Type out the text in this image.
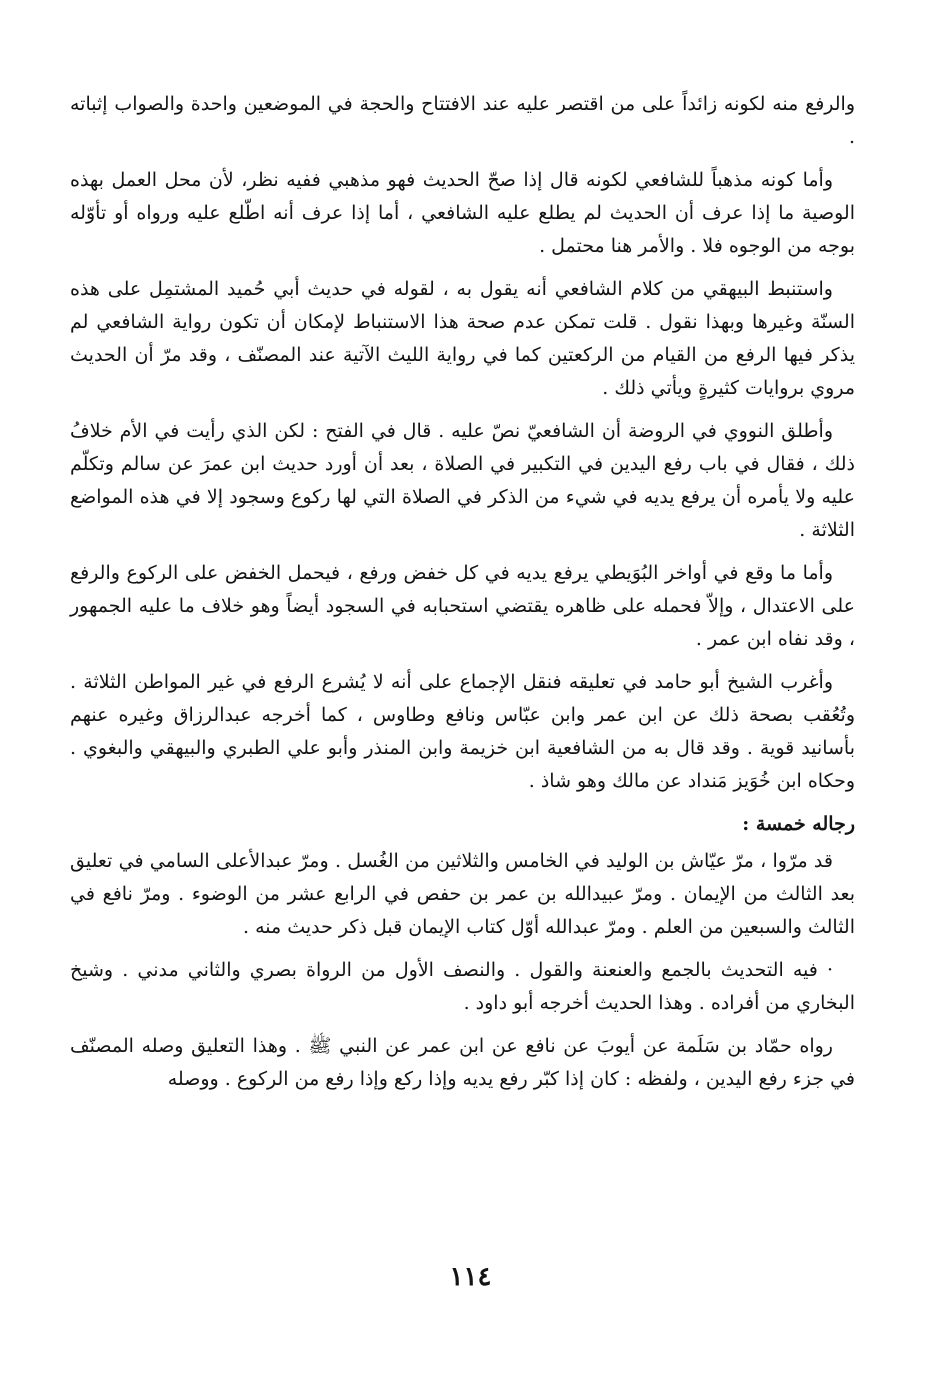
والرفع منه لكونه زائداً على من اقتصر عليه عند الافتتاح والحجة في الموضعين واحدة والصواب إثباته .

وأما كونه مذهباً للشافعي لكونه قال إذا صحّ الحديث فهو مذهبي ففيه نظر، لأن محل العمل بهذه الوصية ما إذا عرف أن الحديث لم يطلع عليه الشافعي ، أما إذا عرف أنه اطّلع عليه ورواه أو تأوّله بوجه من الوجوه فلا . والأمر هنا محتمل .

واستنبط البيهقي من كلام الشافعي أنه يقول به ، لقوله في حديث أبي حُميد المشتمِل على هذه السنّة وغيرها وبهذا نقول . قلت تمكن عدم صحة هذا الاستنباط لإمكان أن تكون رواية الشافعي لم يذكر فيها الرفع من القيام من الركعتين كما في رواية الليث الآتية عند المصنّف ، وقد مرّ أن الحديث مروي بروايات كثيرةٍ ويأتي ذلك .

وأطلق النووي في الروضة أن الشافعيّ نصّ عليه . قال في الفتح : لكن الذي رأيت في الأم خلافُ ذلك ، فقال في باب رفع اليدين في التكبير في الصلاة ، بعد أن أورد حديث ابن عمرَ عن سالم وتكلّم عليه ولا يأمره أن يرفع يديه في شيء من الذكر في الصلاة التي لها ركوع وسجود إلا في هذه المواضع الثلاثة .

وأما ما وقع في أواخر البُوَيطي يرفع يديه في كل خفض ورفع ، فيحمل الخفض على الركوع والرفع على الاعتدال ، وإلاّ فحمله على ظاهره يقتضي استحبابه في السجود أيضاً وهو خلاف ما عليه الجمهور ، وقد نفاه ابن عمر .

وأغرب الشيخ أبو حامد في تعليقه فنقل الإجماع على أنه لا يُشرع الرفع في غير المواطن الثلاثة . وتُعُقب بصحة ذلك عن ابن عمر وابن عبّاس ونافع وطاوس ، كما أخرجه عبدالرزاق وغيره عنهم بأسانيد قوية . وقد قال به من الشافعية ابن خزيمة وابن المنذر وأبو علي الطبري والبيهقي والبغوي . وحكاه ابن خُوَيز مَنداد عن مالك وهو شاذ .

رجاله خمسة :

قد مرّوا ، مرّ عيّاش بن الوليد في الخامس والثلاثين من الغُسل . ومرّ عبدالأعلى السامي في تعليق بعد الثالث من الإيمان . ومرّ عبيدالله بن عمر بن حفص في الرابع عشر من الوضوء . ومرّ نافع في الثالث والسبعين من العلم . ومرّ عبدالله أوّل كتاب الإيمان قبل ذكر حديث منه .

· فيه التحديث بالجمع والعنعنة والقول . والنصف الأول من الرواة بصري والثاني مدني . وشيخ البخاري من أفراده . وهذا الحديث أخرجه أبو داود .

رواه حمّاد بن سَلَمة عن أيوبَ عن نافع عن ابن عمر عن النبي ﷺ . وهذا التعليق وصله المصنّف في جزء رفع اليدين ، ولفظه : كان إذا كبّر رفع يديه وإذا ركع وإذا رفع من الركوع . ووصله

١١٤
